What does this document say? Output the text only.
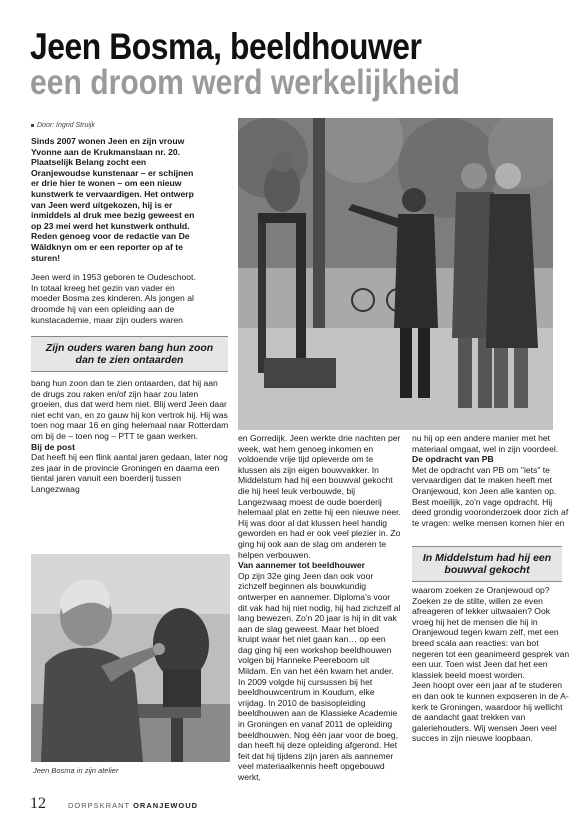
Jeen Bosma, beeldhouwer
een droom werd werkelijkheid
Door: Ingrid Struijk

Sinds 2007 wonen Jeen en zijn vrouw Yvonne aan de Krukmanslaan nr. 20. Plaatselijk Belang zocht een Oranjewoudse kunstenaar – er schijnen er drie hier te wonen – om een nieuw kunstwerk te vervaardigen. Het ontwerp van Jeen werd uitgekozen, hij is er inmiddels al druk mee bezig geweest en op 23 mei werd het kunstwerk onthuld. Reden genoeg voor de redactie van De Wâldknyn om er een reporter op af te sturen!

Jeen werd in 1953 geboren te Oudeschoot. In totaal kreeg het gezin van vader en moeder Bosma zes kinderen. Als jongen al droomde hij van een opleiding aan de kunstacademie, maar zijn ouders waren

Zijn ouders waren bang hun zoon dan te zien ontaarden

bang hun zoon dan te zien ontaarden, dat hij aan de drugs zou raken en/of zijn haar zou laten groeien, dus dat werd hem niet. Blij werd Jeen daar niet echt van, en zo gauw hij kon vertrok hij. Hij was toen nog maar 16 en ging helemaal naar Rotterdam om bij de – toen nog – PTT te gaan werken.

Bij de post

Dat heeft hij een flink aantal jaren gedaan, later nog zes jaar in de provincie Groningen en daarna een tiental jaren vanuit een boerderij tussen Langezwaag

Jeen Bosma in zijn atelier

en Gorredijk. Jeen werkte drie nachten per week, wat hem genoeg inkomen en voldoende vrije tijd opleverde om te klussen als zijn eigen bouwvakker. In Middelstum had hij een bouwval gekocht die hij heel leuk verbouwde, bij Langezwaag moest de oude boerderij helemaal plat en zette hij een nieuwe neer. Hij was door al dat klussen heel handig geworden en had er ook veel plezier in. Zo ging hij ook aan de slag om anderen te helpen verbouwen.

Van aannemer tot beeldhouwer

Op zijn 32e ging Jeen dan ook voor zichzelf beginnen als bouwkundig ontwerper en aannemer. Diploma's voor dit vak had hij niet nodig, hij had zichzelf al lang bewezen. Zo'n 20 jaar is hij in dit vak aan de slag geweest. Maar het bloed kruipt waar het niet gaan kan… op een dag ging hij een workshop beeldhouwen volgen bij Hanneke Peereboom uit Mildam. En van het één kwam het ander. In 2009 volgde hij cursussen bij het beeldhouwcentrum in Koudum, elke vrijdag. In 2010 de basisopleiding beeldhouwen aan de Klassieke Academie in Groningen en vanaf 2011 de opleiding beeldhouwen. Nog één jaar voor de boeg, dan heeft hij deze opleiding afgerond. Het feit dat hij tijdens zijn jaren als aannemer veel materiaalkennis heeft opgebouwd werkt,

nu hij op een andere manier met het materiaal omgaat, wel in zijn voordeel.

De opdracht van PB

Met de opdracht van PB om "iets" te vervaardigen dat te maken heeft met Oranjewoud, kon Jeen alle kanten op. Best moeilijk, zo'n vage opdracht. Hij deed grondig vooronderzoek door zich af te vragen: welke mensen komen hier en

In Middelstum had hij een bouwval gekocht

waarom zoeken ze Oranjewoud op? Zoeken ze de stilte, willen ze even afreageren of lekker uitwaaien? Ook vroeg hij het de mensen die hij in Oranjewoud tegen kwam zelf, met een breed scala aan reacties: van bot negeren tot een geanimeerd gesprek van een uur. Toen wist Jeen dat het een klassiek beeld moest worden.

Jeen hoopt over een jaar af te studeren en dan ook te kunnen exposeren in de A-kerk te Groningen, waardoor hij wellicht de aandacht gaat trekken van galeriehouders. Wij wensen Jeen veel succes in zijn nieuwe loopbaan.

12	DORPSKRANT ORANJEWOUD
